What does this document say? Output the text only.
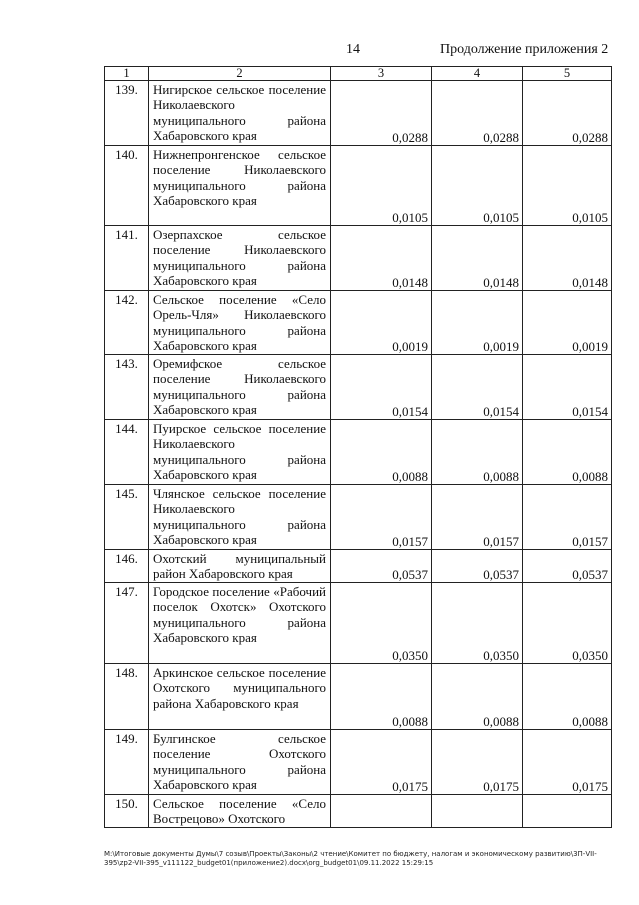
14	Продолжение приложения 2
1	2	3	4	5
139.	Нигирское сельское поселение Николаевского муниципального района Хабаровского края	0,0288	0,0288	0,0288
140.	Нижнепронгенское сельское поселение Николаевского муниципального района Хабаровского края	0,0105	0,0105	0,0105
141.	Озерпахское сельское поселение Николаевского муниципального района Хабаровского края	0,0148	0,0148	0,0148
142.	Сельское поселение «Село Орель-Чля» Николаевского муниципального района Хабаровского края	0,0019	0,0019	0,0019
143.	Оремифское сельское поселение Николаевского муниципального района Хабаровского края	0,0154	0,0154	0,0154
144.	Пуирское сельское поселение Николаевского муниципального района Хабаровского края	0,0088	0,0088	0,0088
145.	Члянское сельское поселение Николаевского муниципального района Хабаровского края	0,0157	0,0157	0,0157
146.	Охотский муниципальный район Хабаровского края	0,0537	0,0537	0,0537
147.	Городское поселение «Рабочий поселок Охотск» Охотского муниципального района Хабаровского края	0,0350	0,0350	0,0350
148.	Аркинское сельское поселение Охотского муниципального района Хабаровского края	0,0088	0,0088	0,0088
149.	Булгинское сельское поселение Охотского муниципального района Хабаровского края	0,0175	0,0175	0,0175
150.	Сельское поселение «Село Вострецово» Охотского			
M:\Итоговые документы Думы\7 созыв\Проекты\Законы\2 чтение\Комитет по бюджету, налогам и экономическому развитию\3П-VII-395\zp2-VII-395_v111122_budget01(приложение2).docx\org_budget01\09.11.2022 15:29:15
